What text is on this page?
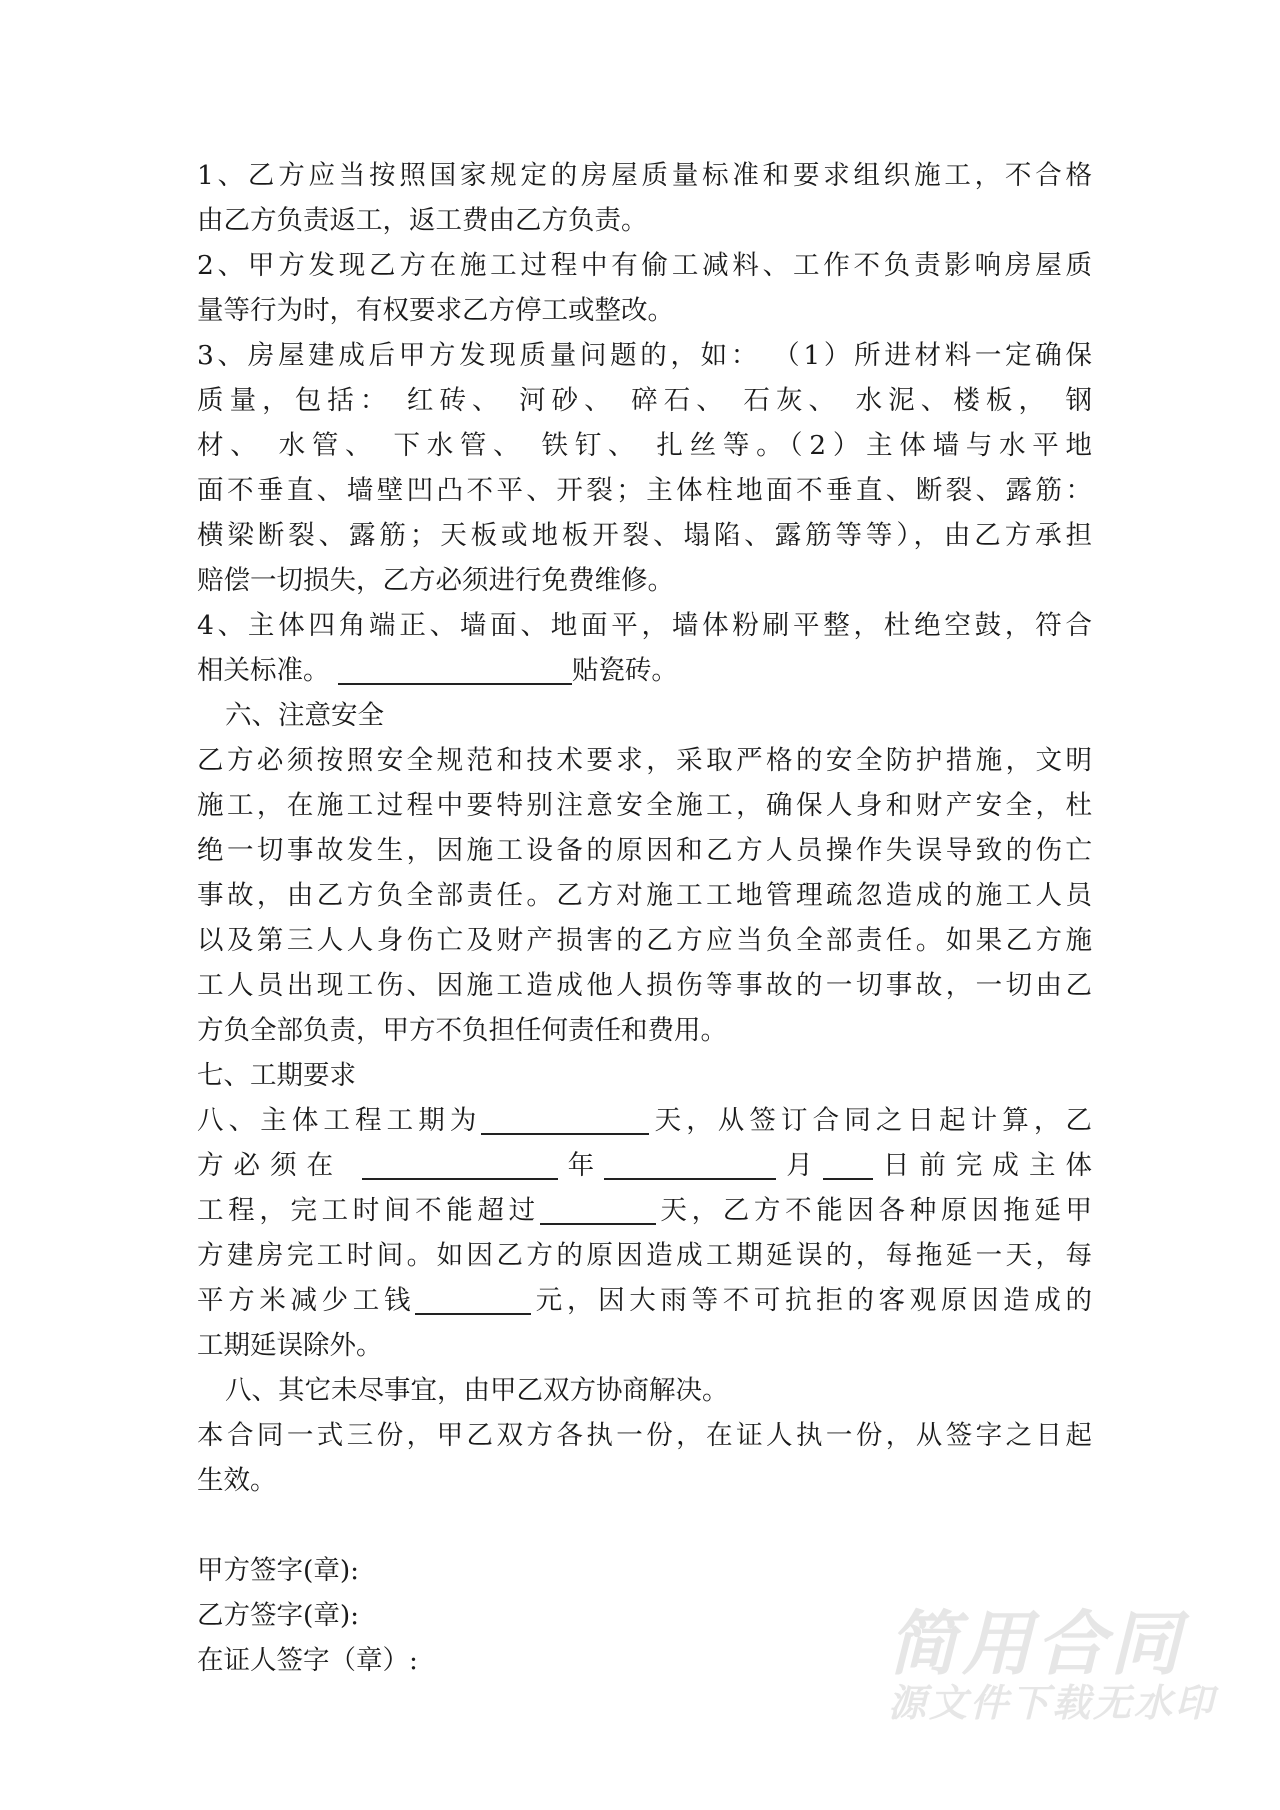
1、乙方应当按照国家规定的房屋质量标准和要求组织施工，不合格
由乙方负责返工，返工费由乙方负责。
2、甲方发现乙方在施工过程中有偷工减料、工作不负责影响房屋质
量等行为时，有权要求乙方停工或整改。
3、房屋建成后甲方发现质量问题的，如： （1）所进材料一定确保
质量，包括： 红砖、 河砂、 碎石、 石灰、 水泥、楼板， 钢
材、 水管、 下水管、 铁钉、 扎丝等。（2）主体墙与水平地
面不垂直、墙壁凹凸不平、开裂；主体柱地面不垂直、断裂、露筋：
横梁断裂、露筋；天板或地板开裂、塌陷、露筋等等），由乙方承担
赔偿一切损失，乙方必须进行免费维修。
4、主体四角端正、墙面、地面平，墙体粉刷平整，杜绝空鼓，符合
相关标准。	贴瓷砖。
六、注意安全
乙方必须按照安全规范和技术要求，采取严格的安全防护措施，文明
施工，在施工过程中要特别注意安全施工，确保人身和财产安全，杜
绝一切事故发生，因施工设备的原因和乙方人员操作失误导致的伤亡
事故，由乙方负全部责任。乙方对施工工地管理疏忽造成的施工人员
以及第三人人身伤亡及财产损害的乙方应当负全部责任。如果乙方施
工人员出现工伤、因施工造成他人损伤等事故的一切事故，一切由乙
方负全部负责，甲方不负担任何责任和费用。
七、工期要求
八、主体工程工期为	天，从签订合同之日起计算，乙
方必须在	年	月 日前完成主体
工程，完工时间不能超过	天，乙方不能因各种原因拖延甲
方建房完工时间。如因乙方的原因造成工期延误的，每拖延一天，每
平方米减少工钱	元，因大雨等不可抗拒的客观原因造成的
工期延误除外。
八、其它未尽事宜，由甲乙双方协商解决。
本合同一式三份，甲乙双方各执一份，在证人执一份，从签字之日起
生效。
甲方签字(章):
乙方签字(章):
在证人签字（章）:	简用合同
源文件下载无水印
